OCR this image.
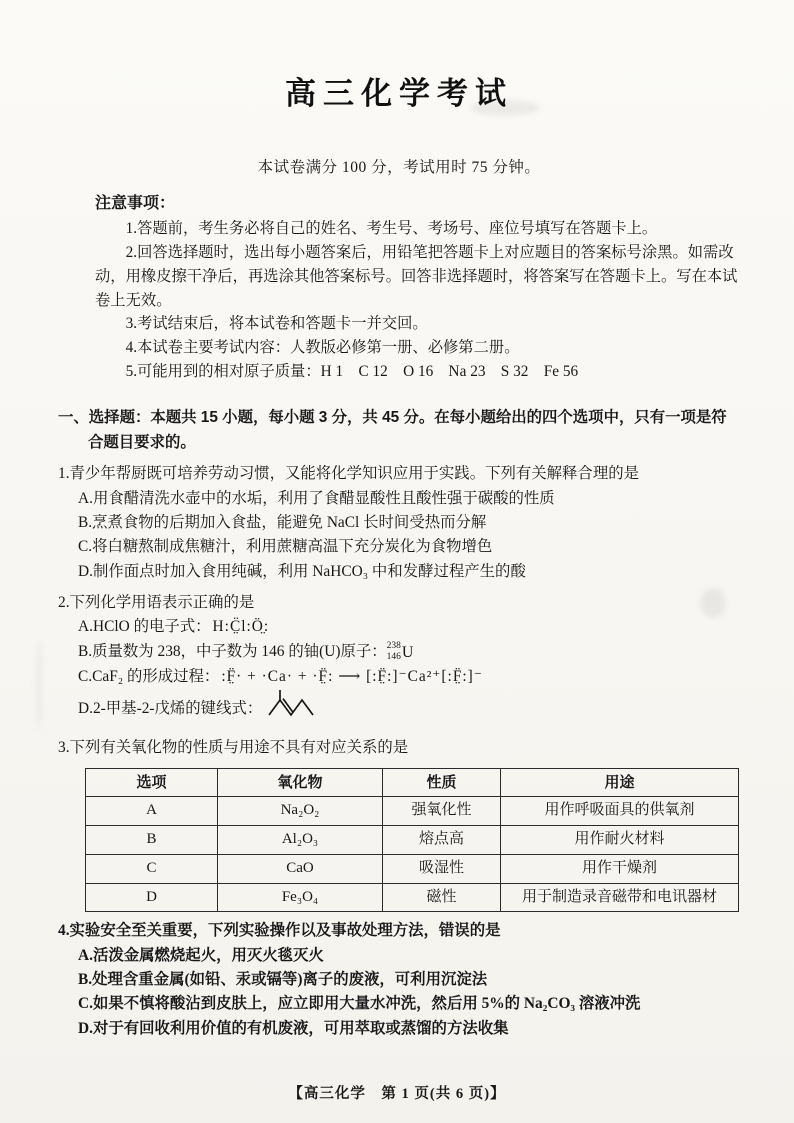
高三化学考试

本试卷满分 100 分，考试用时 75 分钟。

注意事项：

1.答题前，考生务必将自己的姓名、考生号、考场号、座位号填写在答题卡上。

2.回答选择题时，选出每小题答案后，用铅笔把答题卡上对应题目的答案标号涂黑。如需改动，用橡皮擦干净后，再选涂其他答案标号。回答非选择题时，将答案写在答题卡上。写在本试卷上无效。

3.考试结束后，将本试卷和答题卡一并交回。

4.本试卷主要考试内容：人教版必修第一册、必修第二册。

5.可能用到的相对原子质量：H 1　C 12　O 16　Na 23　S 32　Fe 56

一、选择题：本题共 15 小题，每小题 3 分，共 45 分。在每小题给出的四个选项中，只有一项是符合题目要求的。

1.青少年帮厨既可培养劳动习惯，又能将化学知识应用于实践。下列有关解释合理的是

A.用食醋清洗水壶中的水垢，利用了食醋显酸性且酸性强于碳酸的性质

B.烹煮食物的后期加入食盐，能避免 NaCl 长时间受热而分解

C.将白糖熬制成焦糖汁，利用蔗糖高温下充分炭化为食物增色

D.制作面点时加入食用纯碱，利用 NaHCO₃ 中和发酵过程产生的酸

2.下列化学用语表示正确的是

A.HClO 的电子式： H:C̤̈l:Ö̤:

B.质量数为 238，中子数为 146 的铀(U)原子： 238
146 U

C.CaF₂ 的形成过程： :F̤̈· + ·Ca· + ·F̤̈: ⟶ [:F̤̈:]⁻Ca²⁺[:F̤̈:]⁻

D.2-甲基-2-戊烯的键线式：

3.下列有关氧化物的性质与用途不具有对应关系的是

选项	氧化物	性质	用途
A	Na₂O₂	强氧化性	用作呼吸面具的供氧剂
B	Al₂O₃	熔点高	用作耐火材料
C	CaO	吸湿性	用作干燥剂
D	Fe₃O₄	磁性	用于制造录音磁带和电讯器材

4.实验安全至关重要，下列实验操作以及事故处理方法，错误的是

A.活泼金属燃烧起火，用灭火毯灭火

B.处理含重金属(如铅、汞或镉等)离子的废液，可利用沉淀法

C.如果不慎将酸沾到皮肤上，应立即用大量水冲洗，然后用 5%的 Na₂CO₃ 溶液冲洗

D.对于有回收利用价值的有机废液，可用萃取或蒸馏的方法收集

【高三化学　第 1 页(共 6 页)】
